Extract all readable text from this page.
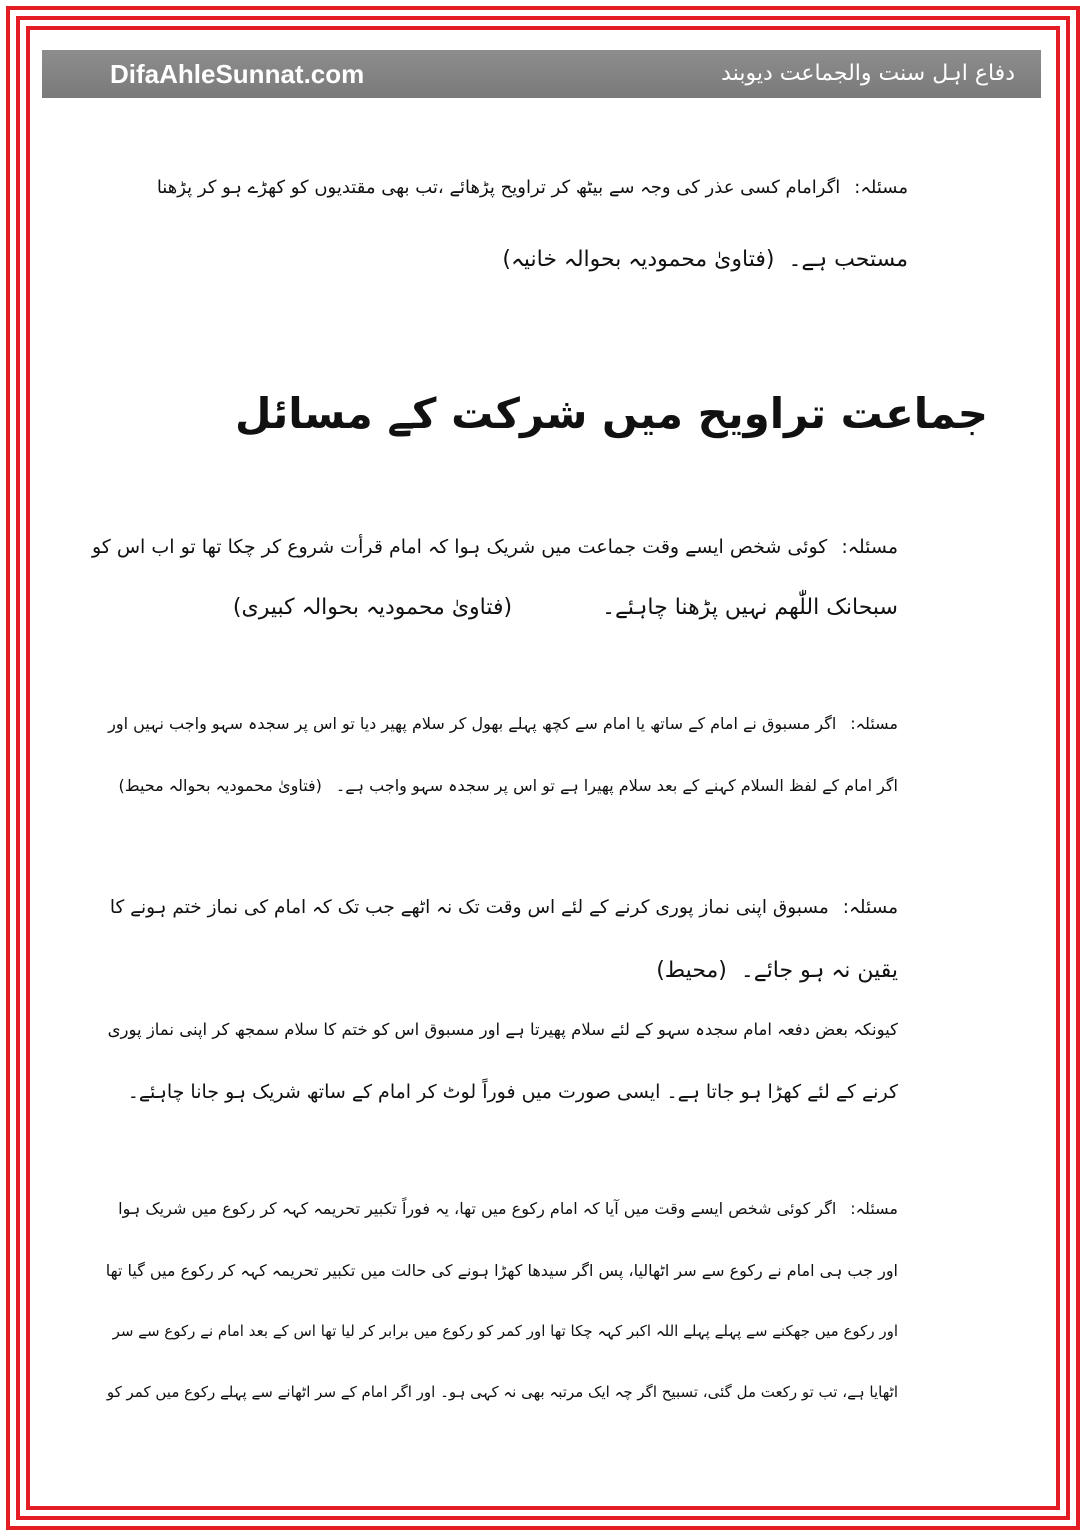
DifaAhleSunnat.com	دفاع اہل سنت والجماعت دیوبند
مسئلہ:اگرامام کسی عذر کی وجہ سے بیٹھ کر تراویح پڑھائے ،تب بھی مقتدیوں کو کھڑے ہو کر پڑھنا
مستحب ہے۔(فتاویٰ محمودیہ بحوالہ خانیہ)
جماعت تراویح میں شرکت کے مسائل
مسئلہ:کوئی شخص ایسے وقت جماعت میں شریک ہوا کہ امام قرأت شروع کر چکا تھا تو اب اس کو
سبحانک اللّٰھم نہیں پڑھنا چاہئے۔(فتاویٰ محمودیہ بحوالہ کبیری)
مسئلہ:اگر مسبوق نے امام کے ساتھ یا امام سے کچھ پہلے بھول کر سلام پھیر دیا تو اس پر سجدہ سہو واجب نہیں اور
اگر امام کے لفظ السلام کہنے کے بعد سلام پھیرا ہے تو اس پر سجدہ سہو واجب ہے۔(فتاویٰ محمودیہ بحوالہ محیط)
مسئلہ:مسبوق اپنی نماز پوری کرنے کے لئے اس وقت تک نہ اٹھے جب تک کہ امام کی نماز ختم ہونے کا
یقین نہ ہو جائے۔(محیط)
کیونکہ بعض دفعہ امام سجدہ سہو کے لئے سلام پھیرتا ہے اور مسبوق اس کو ختم کا سلام سمجھ کر اپنی نماز پوری
کرنے کے لئے کھڑا ہو جاتا ہے۔ ایسی صورت میں فوراً لوٹ کر امام کے ساتھ شریک ہو جانا چاہئے۔
مسئلہ:اگر کوئی شخص ایسے وقت میں آیا کہ امام رکوع میں تھا، یہ فوراً تکبیر تحریمہ کہہ کر رکوع میں شریک ہوا
اور جب ہی امام نے رکوع سے سر اٹھالیا، پس اگر سیدھا کھڑا ہونے کی حالت میں تکبیر تحریمہ کہہ کر رکوع میں گیا تھا
اور رکوع میں جھکنے سے پہلے پہلے اللہ اکبر کہہ چکا تھا اور کمر کو رکوع میں برابر کر لیا تھا اس کے بعد امام نے رکوع سے سر
اٹھایا ہے، تب تو رکعت مل گئی، تسبیح اگر چہ ایک مرتبہ بھی نہ کہی ہو۔ اور اگر امام کے سر اٹھانے سے پہلے رکوع میں کمر کو
